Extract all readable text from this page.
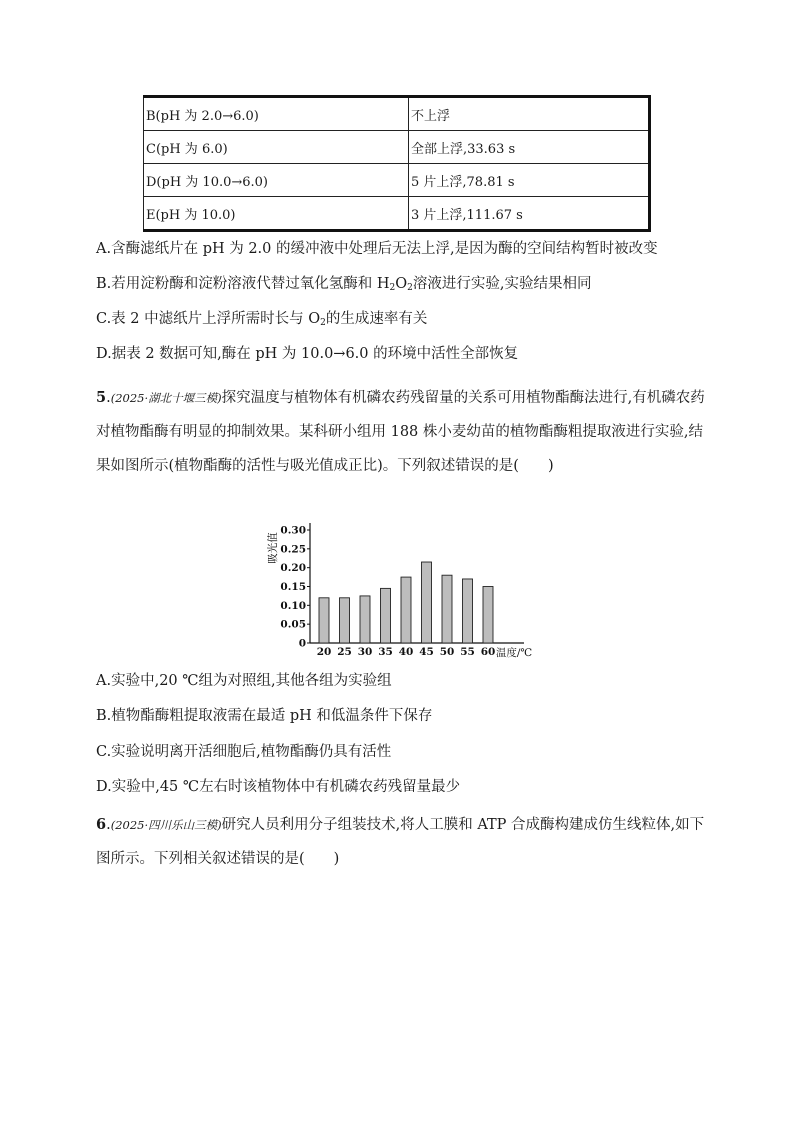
B(pH 为 2.0→6.0)	不上浮
C(pH 为 6.0)	全部上浮,33.63 s
D(pH 为 10.0→6.0)	5 片上浮,78.81 s
E(pH 为 10.0)	3 片上浮,111.67 s
A.含酶滤纸片在 pH 为 2.0 的缓冲液中处理后无法上浮,是因为酶的空间结构暂时被改变
B.若用淀粉酶和淀粉溶液代替过氧化氢酶和 $H_2O_2$溶液进行实验,实验结果相同
C.表 2 中滤纸片上浮所需时长与 $O_2$的生成速率有关
D.据表 2 数据可知,酶在 pH 为 10.0→6.0 的环境中活性全部恢复
5.(2025·湖北十堰三模)探究温度与植物体有机磷农药残留量的关系可用植物酯酶法进行,有机磷农药对植物酯酶有明显的抑制效果。某科研小组用 188 株小麦幼苗的植物酯酶粗提取液进行实验,结果如图所示(植物酯酶的活性与吸光值成正比)。下列叙述错误的是(　　)
0
0.05
0.10
0.15
0.20
0.25
0.30
20 25 30 35 40 45 50 55 60 温度/℃
吸光值
A.实验中,20 ℃组为对照组,其他各组为实验组
B.植物酯酶粗提取液需在最适 pH 和低温条件下保存
C.实验说明离开活细胞后,植物酯酶仍具有活性
D.实验中,45 ℃左右时该植物体中有机磷农药残留量最少
6.(2025·四川乐山三模)研究人员利用分子组装技术,将人工膜和 ATP 合成酶构建成仿生线粒体,如下图所示。下列相关叙述错误的是(　　)
